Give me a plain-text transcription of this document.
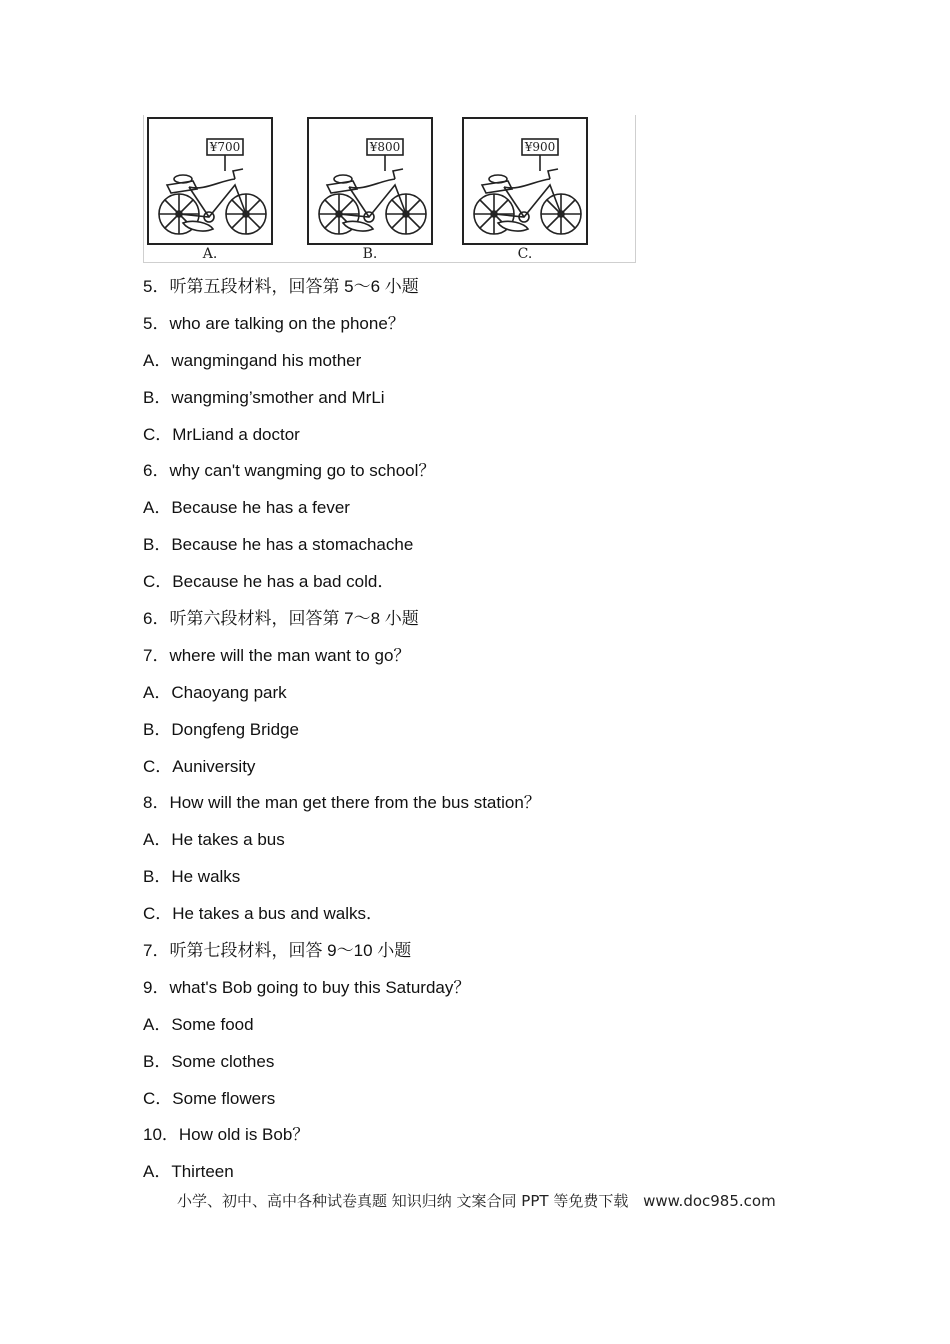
¥700
A.
¥800
B.
¥900
C.
5．听第五段材料，回答第 5～6 小题
5．who are talking on the phone？
A．wangmingand his mother
B．wangming’smother and MrLi
C．MrLiand a doctor
6．why can't wangming go to school？
A．Because he has a fever
B．Because he has a stomachache
C．Because he has a bad cold．
6．听第六段材料，回答第 7～8 小题
7．where will the man want to go？
A．Chaoyang park
B．Dongfeng Bridge
C．Auniversity
8．How will the man get there from the bus station？
A．He takes a bus
B．He walks
C．He takes a bus and walks．
7．听第七段材料，回答 9～10 小题
9．what's Bob going to buy this Saturday？
A．Some food
B．Some clothes
C．Some flowers
10．How old is Bob？
A．Thirteen
小学、初中、高中各种试卷真题 知识归纳 文案合同 PPT 等免费下载 www.doc985.com
